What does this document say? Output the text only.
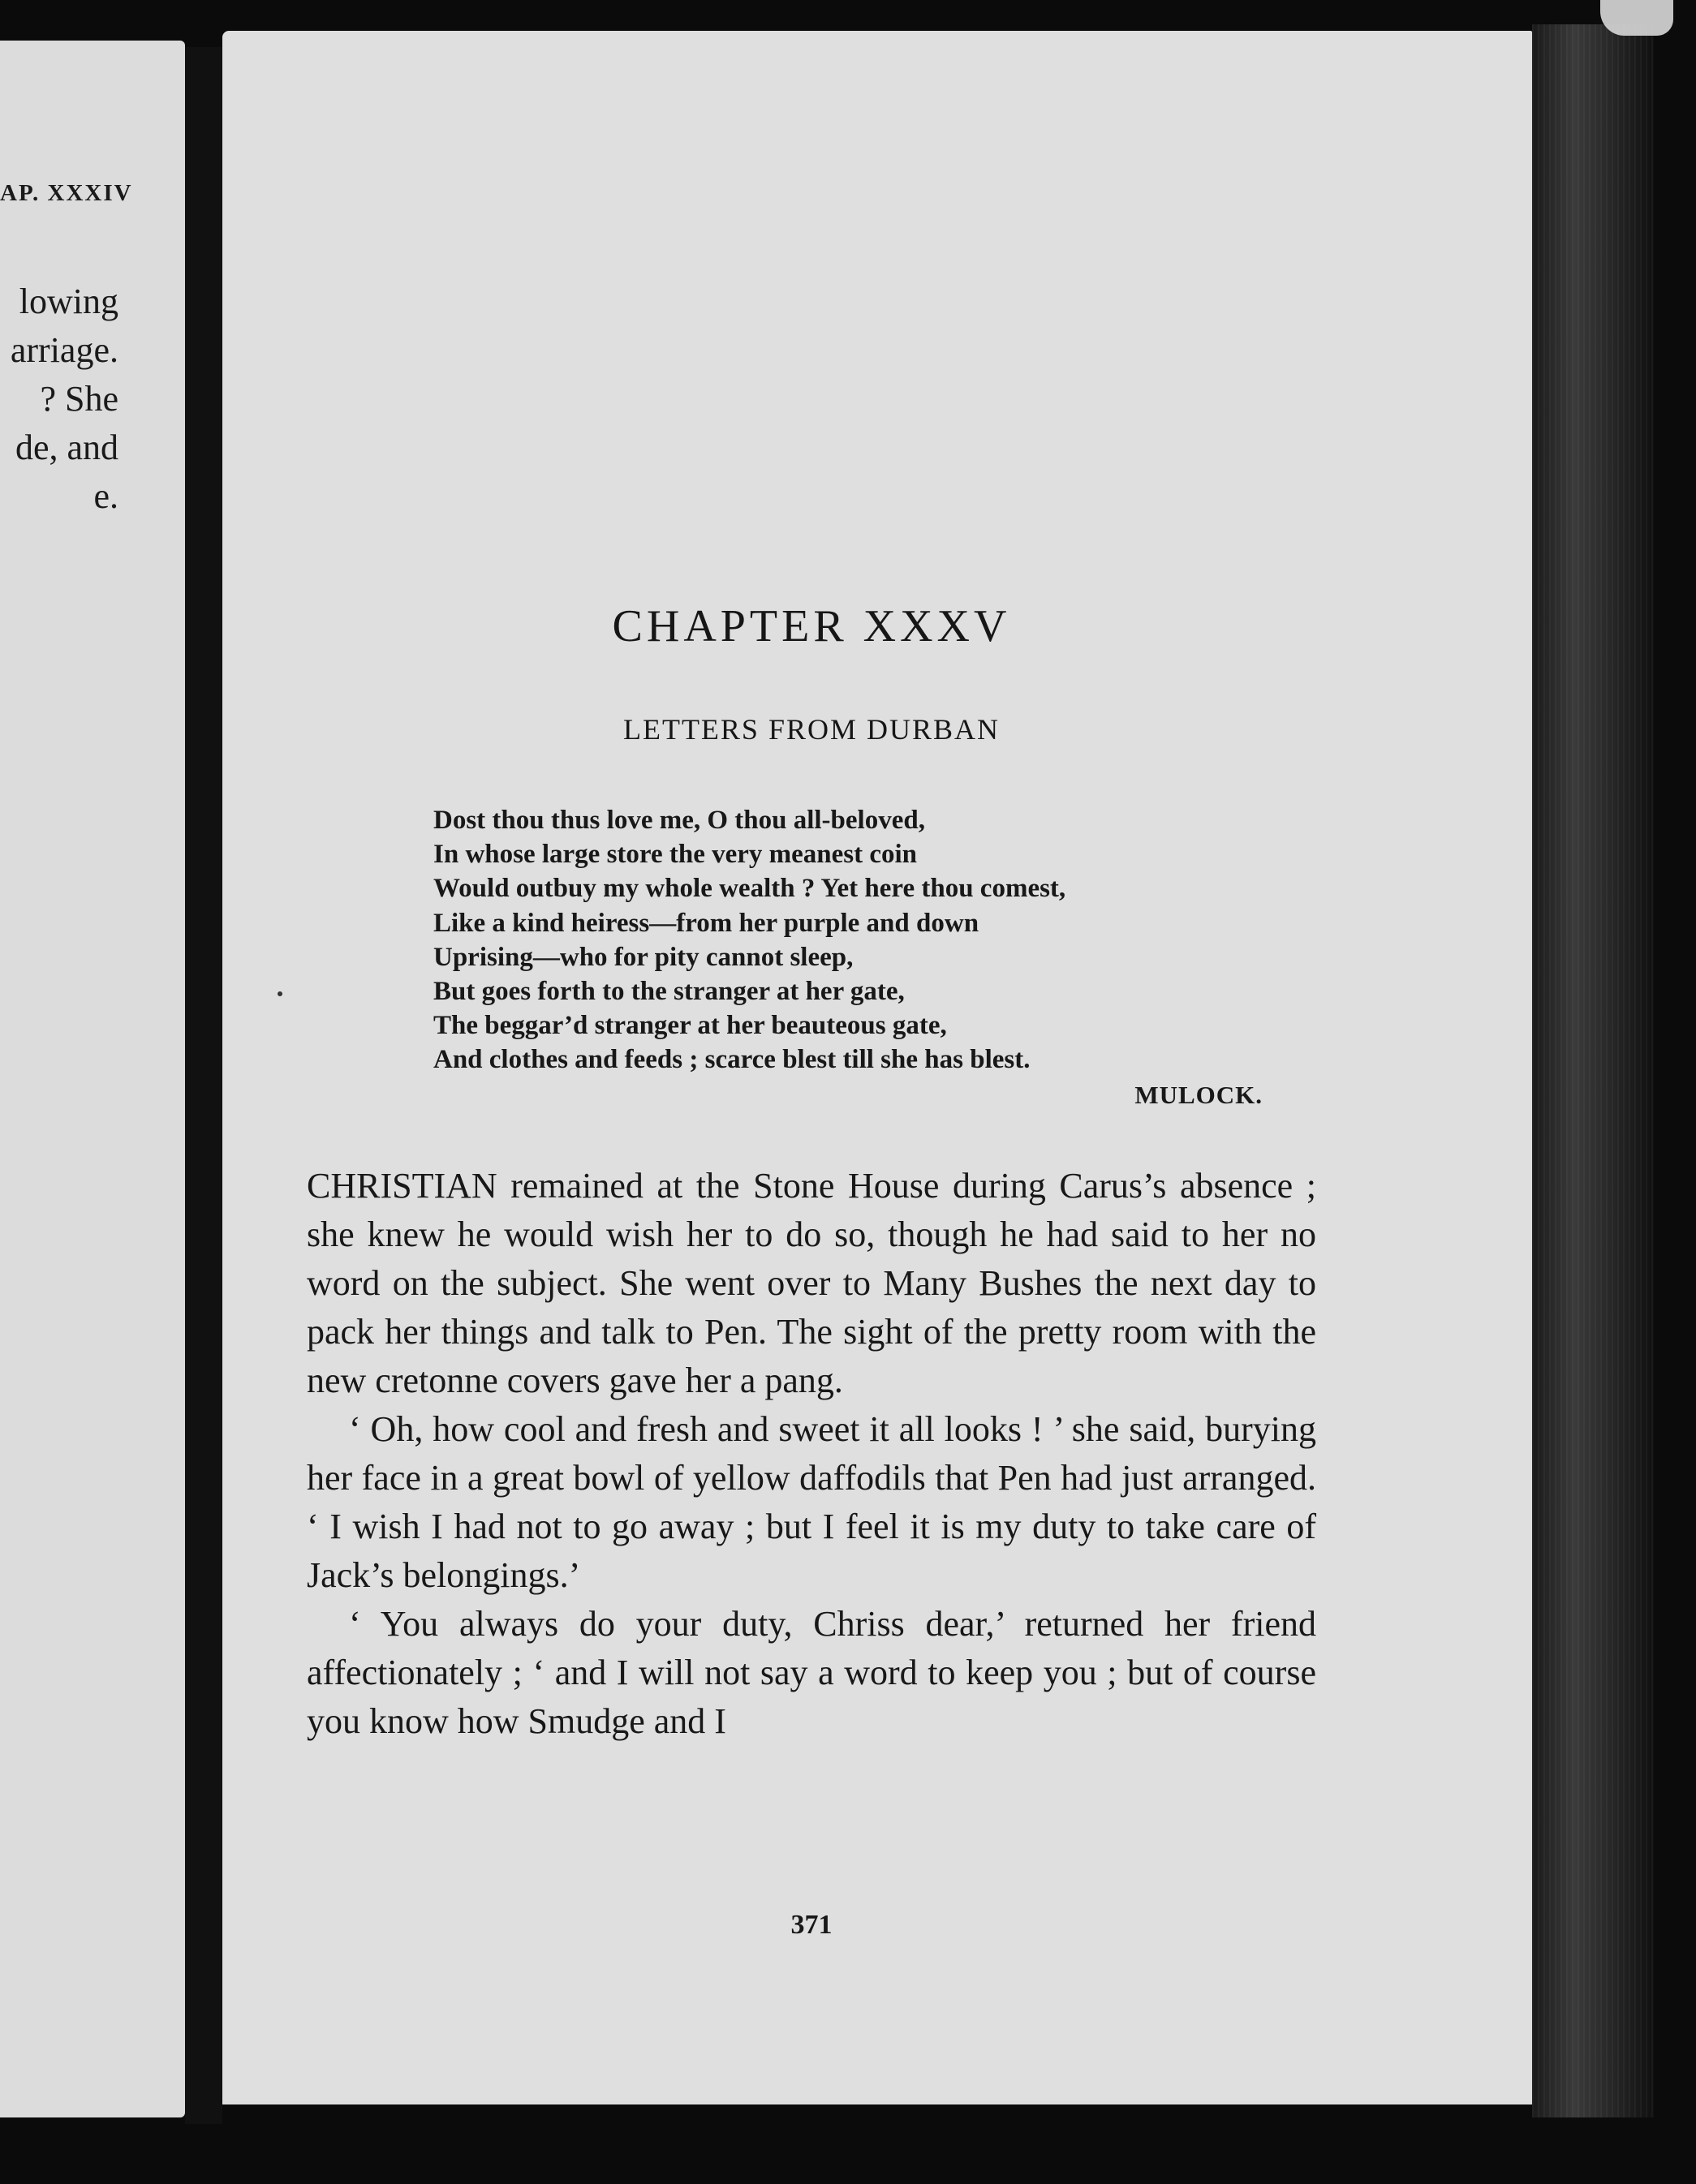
AP. XXXIV
lowing
arriage.
? She
de, and
e.
CHAPTER XXXV
LETTERS FROM DURBAN
Dost thou thus love me, O thou all-beloved,
In whose large store the very meanest coin
Would outbuy my whole wealth ? Yet here thou comest,
Like a kind heiress—from her purple and down
Uprising—who for pity cannot sleep,
But goes forth to the stranger at her gate,
The beggar’d stranger at her beauteous gate,
And clothes and feeds ; scarce blest till she has blest.
MULOCK.
CHRISTIAN remained at the Stone House during Carus’s absence ; she knew he would wish her to do so, though he had said to her no word on the subject. She went over to Many Bushes the next day to pack her things and talk to Pen. The sight of the pretty room with the new cretonne covers gave her a pang.
‘ Oh, how cool and fresh and sweet it all looks ! ’ she said, burying her face in a great bowl of yellow daffodils that Pen had just arranged. ‘ I wish I had not to go away ; but I feel it is my duty to take care of Jack’s belongings.’
‘ You always do your duty, Chriss dear,’ returned her friend affectionately ; ‘ and I will not say a word to keep you ; but of course you know how Smudge and I
371
